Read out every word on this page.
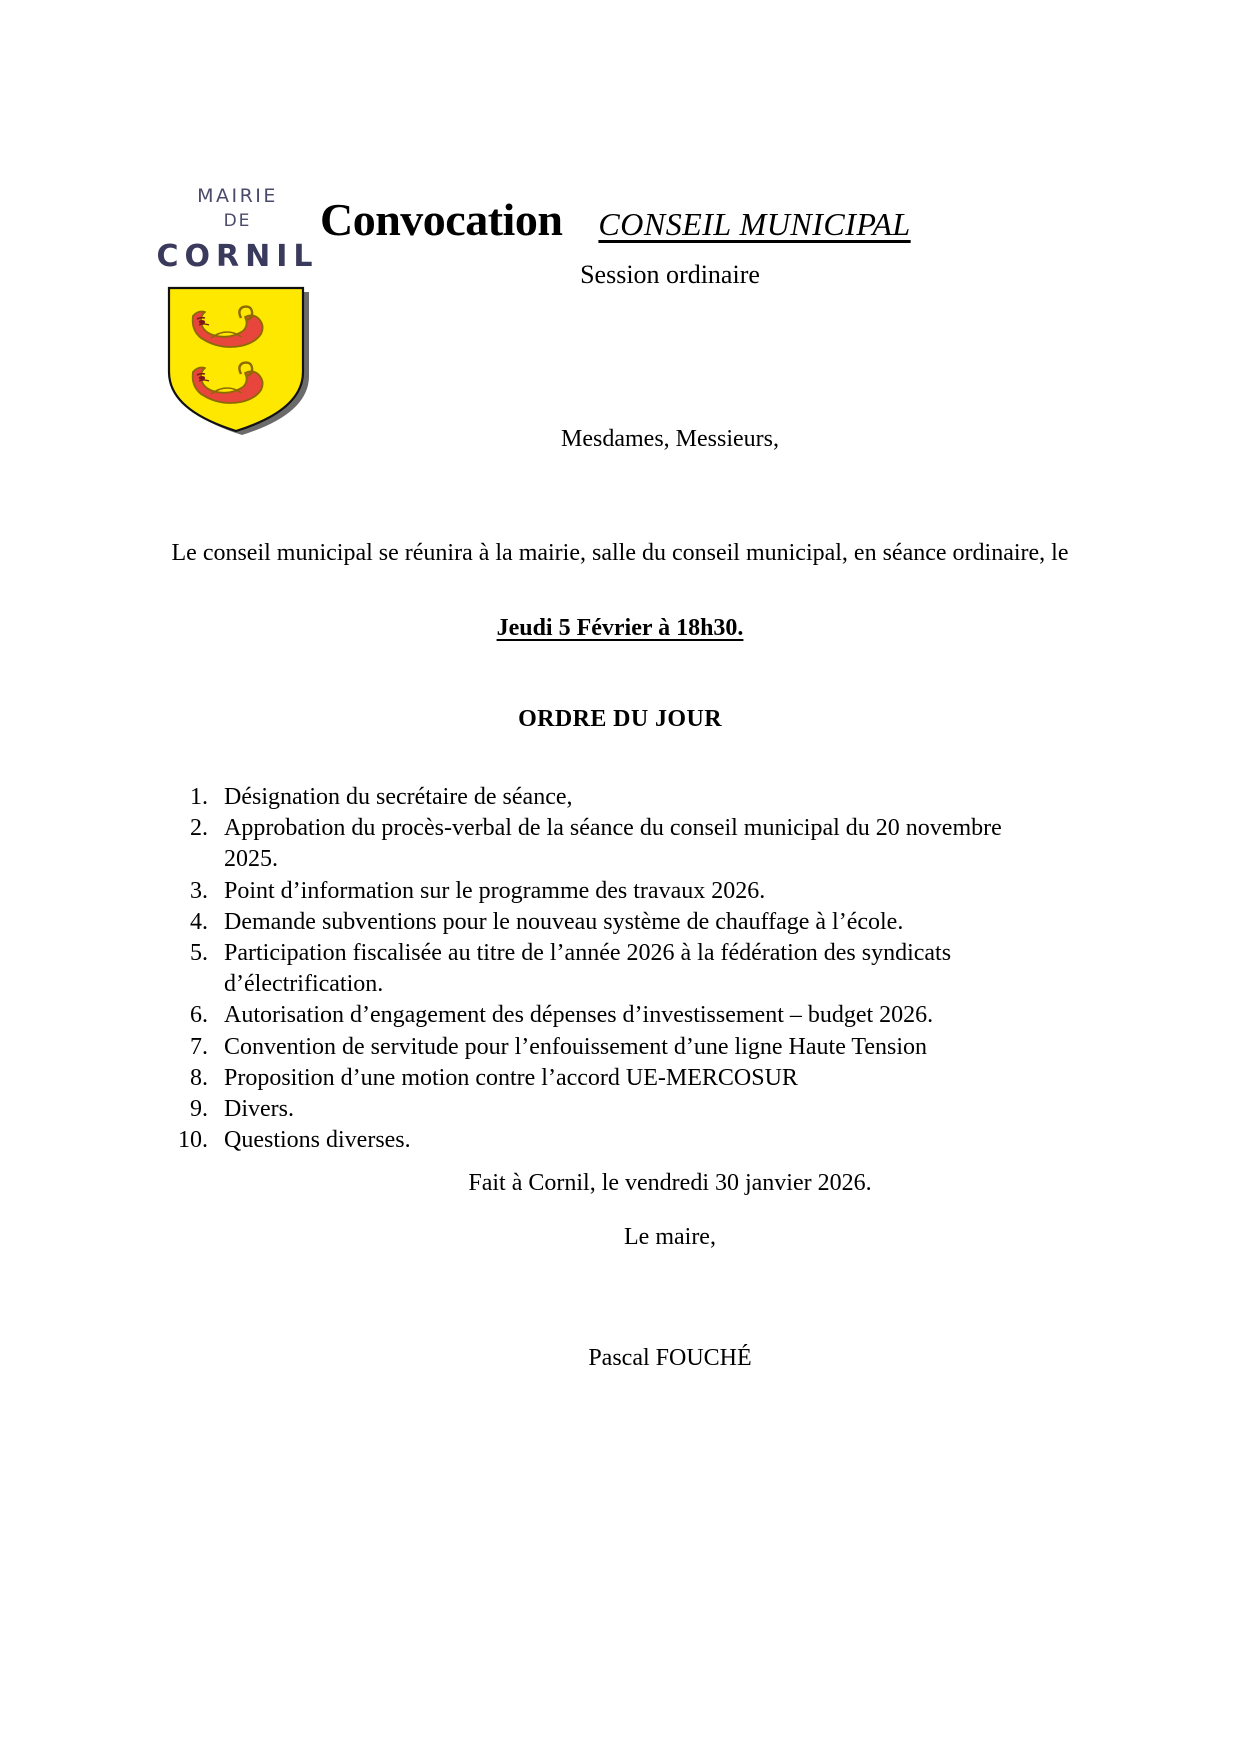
MAIRIE
DE
CORNIL
Convocation CONSEIL MUNICIPAL
Session ordinaire
Mesdames, Messieurs,
Le conseil municipal se réunira à la mairie, salle du conseil municipal, en séance ordinaire, le
Jeudi 5 Février à 18h30.
ORDRE DU JOUR
1. Désignation du secrétaire de séance,
2. Approbation du procès-verbal de la séance du conseil municipal du 20 novembre 2025.
3. Point d’information sur le programme des travaux 2026.
4. Demande subventions pour le nouveau système de chauffage à l’école.
5. Participation fiscalisée au titre de l’année 2026 à la fédération des syndicats d’électrification.
6. Autorisation d’engagement des dépenses d’investissement – budget 2026.
7. Convention de servitude pour l’enfouissement d’une ligne Haute Tension
8. Proposition d’une motion contre l’accord UE-MERCOSUR
9. Divers.
10. Questions diverses.
Fait à Cornil, le vendredi 30 janvier 2026.
Le maire,
Pascal FOUCHÉ
